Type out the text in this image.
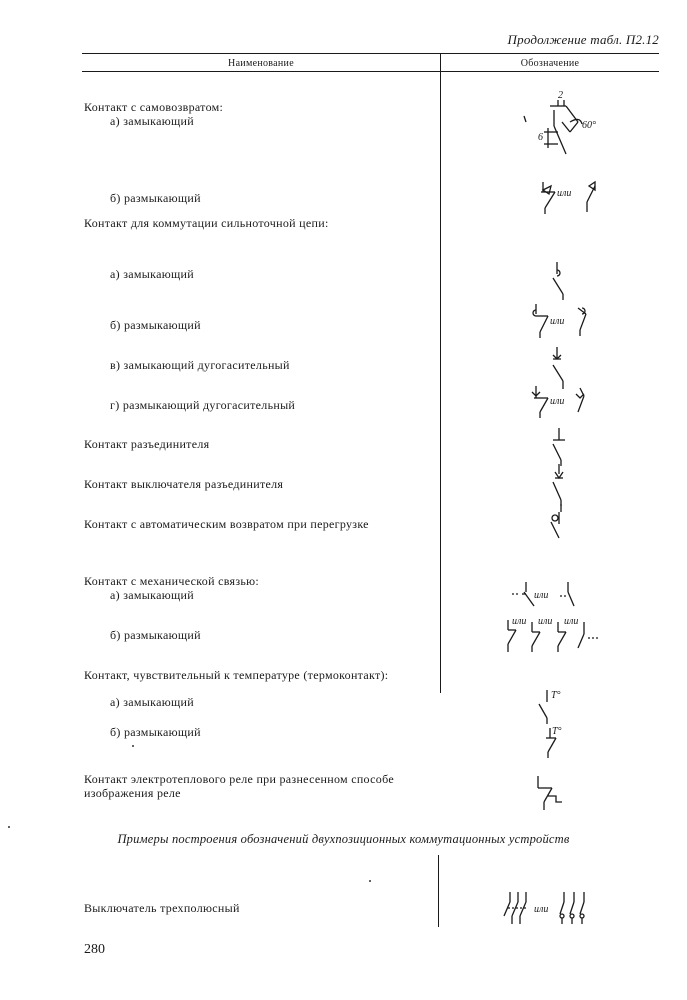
Продолжение табл. П2.12
Наименование	Обозначение
Контакт с самовозвратом:
а) замыкающий
б) размыкающий
Контакт для коммутации сильноточной цепи:
а) замыкающий
б) размыкающий
в) замыкающий дугогасительный
г) размыкающий дугогасительный
Контакт разъединителя
Контакт выключателя разъединителя
Контакт с автоматическим возвратом при перегрузке
Контакт с механической связью:
а) замыкающий
б) размыкающий
Контакт, чувствительный к температуре (термоконтакт):
а) замыкающий
б) размыкающий
Контакт электротеплового реле при разнесенном способе
изображения реле
Примеры построения обозначений двухпозиционных коммутационных устройств
Выключатель трехполюсный
280
2
60°
6
или
или
или
или
или или или
T°
T°
или
